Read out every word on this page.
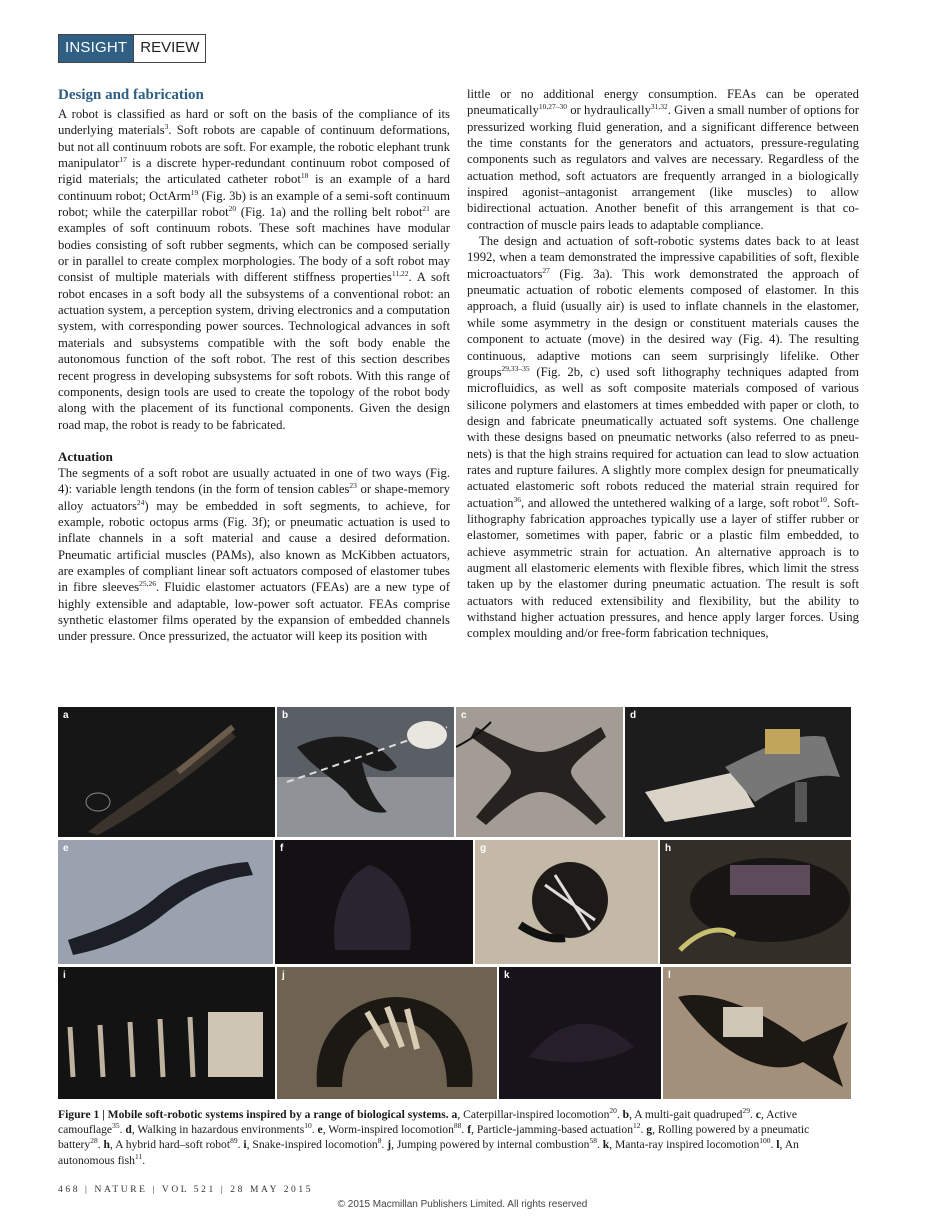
INSIGHT REVIEW
Design and fabrication

A robot is classified as hard or soft on the basis of the compliance of its underlying materials$^3$. Soft robots are capable of continuum deformations, but not all continuum robots are soft. For example, the robotic elephant trunk manipulator$^{17}$ is a discrete hyper-redundant continuum robot composed of rigid materials; the articulated catheter robot$^{18}$ is an example of a hard continuum robot; OctArm$^{19}$ (Fig. 3b) is an example of a semi-soft continuum robot; while the caterpillar robot$^{20}$ (Fig. 1a) and the rolling belt robot$^{21}$ are examples of soft continuum robots. These soft machines have modular bodies consisting of soft rubber segments, which can be composed serially or in parallel to create complex morphologies. The body of a soft robot may consist of multiple materials with different stiffness properties$^{11,22}$. A soft robot encases in a soft body all the subsystems of a conventional robot: an actuation system, a perception system, driving electronics and a computation system, with corresponding power sources. Technological advances in soft materials and subsystems compatible with the soft body enable the autonomous function of the soft robot. The rest of this section describes recent progress in developing subsystems for soft robots. With this range of components, design tools are used to create the topology of the robot body along with the placement of its functional components. Given the design road map, the robot is ready to be fabricated.

Actuation

The segments of a soft robot are usually actuated in one of two ways (Fig. 4): variable length tendons (in the form of tension cables$^{23}$ or shape-memory alloy actuators$^{24}$) may be embedded in soft segments, to achieve, for example, robotic octopus arms (Fig. 3f); or pneumatic actuation is used to inflate channels in a soft material and cause a desired deformation. Pneumatic artificial muscles (PAMs), also known as McKibben actuators, are examples of compliant linear soft actuators composed of elastomer tubes in fibre sleeves$^{25,26}$. Fluidic elastomer actuators (FEAs) are a new type of highly extensible and adaptable, low-power soft actuator. FEAs comprise synthetic elastomer films operated by the expansion of embedded channels under pressure. Once pressurized, the actuator will keep its position with

little or no additional energy consumption. FEAs can be operated pneumatically$^{10,27-30}$ or hydraulically$^{31,32}$. Given a small number of options for pressurized working fluid generation, and a significant difference between the time constants for the generators and actuators, pressure-regulating components such as regulators and valves are necessary. Regardless of the actuation method, soft actuators are frequently arranged in a biologically inspired agonist–antagonist arrangement (like muscles) to allow bidirectional actuation. Another benefit of this arrangement is that co-contraction of muscle pairs leads to adaptable compliance.

The design and actuation of soft-robotic systems dates back to at least 1992, when a team demonstrated the impressive capabilities of soft, flexible microactuators$^{27}$ (Fig. 3a). This work demonstrated the approach of pneumatic actuation of robotic elements composed of elastomer. In this approach, a fluid (usually air) is used to inflate channels in the elastomer, while some asymmetry in the design or constituent materials causes the component to actuate (move) in the desired way (Fig. 4). The resulting continuous, adaptive motions can seem surprisingly lifelike. Other groups$^{29,33-35}$ (Fig. 2b, c) used soft lithography techniques adapted from microfluidics, as well as soft composite materials composed of various silicone polymers and elastomers at times embedded with paper or cloth, to design and fabricate pneumatically actuated soft systems. One challenge with these designs based on pneumatic networks (also referred to as pneu-nets) is that the high strains required for actuation can lead to slow actuation rates and rupture failures. A slightly more complex design for pneumatically actuated elastomeric soft robots reduced the material strain required for actuation$^{36}$, and allowed the untethered walking of a large, soft robot$^{10}$. Soft-lithography fabrication approaches typically use a layer of stiffer rubber or elastomer, sometimes with paper, fabric or a plastic film embedded, to achieve asymmetric strain for actuation. An alternative approach is to augment all elastomeric elements with flexible fibres, which limit the stress taken up by the elastomer during pneumatic actuation. The result is soft actuators with reduced extensibility and flexibility, but the ability to withstand higher actuation pressures, and hence apply larger forces. Using complex moulding and/or free-form fabrication techniques,

a	b	c	d
e	f	g	h
i	j	k	l
Figure 1 | Mobile soft-robotic systems inspired by a range of biological systems. a, Caterpillar-inspired locomotion$^{20}$. b, A multi-gait quadruped$^{29}$. c, Active camouflage$^{35}$. d, Walking in hazardous environments$^{10}$. e, Worm-inspired locomotion$^{88}$. f, Particle-jamming-based actuation$^{12}$. g, Rolling powered by a pneumatic battery$^{28}$. h, A hybrid hard–soft robot$^{89}$. i, Snake-inspired locomotion$^8$. j, Jumping powered by internal combustion$^{58}$. k, Manta-ray inspired locomotion$^{100}$. l, An autonomous fish$^{11}$.
468 | NATURE | VOL 521 | 28 MAY 2015
© 2015 Macmillan Publishers Limited. All rights reserved
